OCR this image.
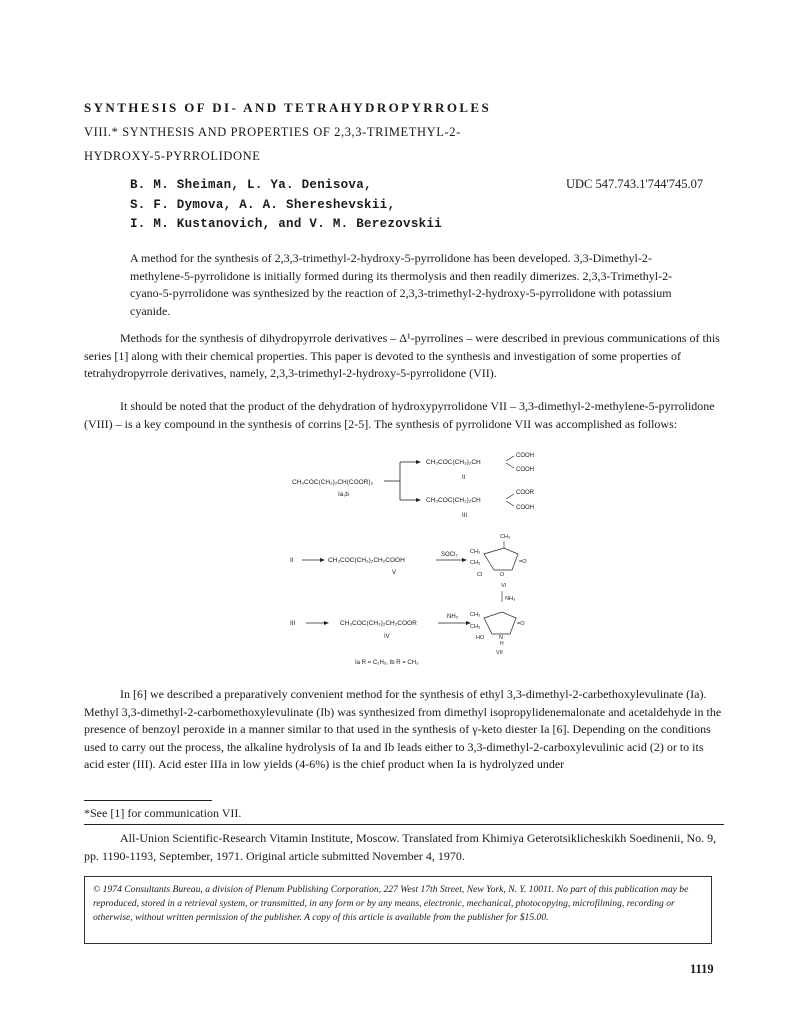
SYNTHESIS OF DI- AND TETRAHYDROPYRROLES
VIII.* SYNTHESIS AND PROPERTIES OF 2,3,3-TRIMETHYL-2-
HYDROXY-5-PYRROLIDONE
B. M. Sheiman, L. Ya. Denisova,
S. F. Dymova, A. A. Shereshevskii,
I. M. Kustanovich, and V. M. Berezovskii
UDC 547.743.1'744'745.07
A method for the synthesis of 2,3,3-trimethyl-2-hydroxy-5-pyrrolidone has been developed. 3,3-Dimethyl-2-methylene-5-pyrrolidone is initially formed during its thermolysis and then readily dimerizes. 2,3,3-Trimethyl-2-cyano-5-pyrrolidone was synthesized by the reaction of 2,3,3-trimethyl-2-hydroxy-5-pyrrolidone with potassium cyanide.
Methods for the synthesis of dihydropyrrole derivatives – Δ¹-pyrrolines – were described in previous communications of this series [1] along with their chemical properties. This paper is devoted to the synthesis and investigation of some properties of tetrahydropyrrole derivatives, namely, 2,3,3-trimethyl-2-hydroxy-5-pyrrolidone (VII).
It should be noted that the product of the dehydration of hydroxypyrrolidone VII – 3,3-dimethyl-2-methylene-5-pyrrolidone (VIII) – is a key compound in the synthesis of corrins [2-5]. The synthesis of pyrrolidone VII was accomplished as follows:
CH₃COC(CH₃)₂CH(COOR)₂
Ia,b
CH₃COC(CH₃)₂CH
COOH
COOH
II
CH₃COC(CH₃)₂CH
COOR
COOH
III
II	CH₃COC(CH₃)₂CH₂COOH
V
SOCl₂
CH₃
CH₃
CH₃
Cl	O
=O
VI
NH₃
III	CH₃COC(CH₃)₂CH₂COOR
IV
NH₃ CH₃
CH₃
HO	N
H
=O
VII
Ia R = C₂H₅, Ib R = CH₃
In [6] we described a preparatively convenient method for the synthesis of ethyl 3,3-dimethyl-2-carbethoxylevulinate (Ia). Methyl 3,3-dimethyl-2-carbomethoxylevulinate (Ib) was synthesized from dimethyl isopropylidenemalonate and acetaldehyde in the presence of benzoyl peroxide in a manner similar to that used in the synthesis of γ-keto diester Ia [6]. Depending on the conditions used to carry out the process, the alkaline hydrolysis of Ia and Ib leads either to 3,3-dimethyl-2-carboxylevulinic acid (2) or to its acid ester (III). Acid ester IIIa in low yields (4-6%) is the chief product when Ia is hydrolyzed under
*See [1] for communication VII.
All-Union Scientific-Research Vitamin Institute, Moscow. Translated from Khimiya Geterotsiklicheskikh Soedinenii, No. 9, pp. 1190-1193, September, 1971. Original article submitted November 4, 1970.
© 1974 Consultants Bureau, a division of Plenum Publishing Corporation, 227 West 17th Street, New York, N. Y. 10011. No part of this publication may be reproduced, stored in a retrieval system, or transmitted, in any form or by any means, electronic, mechanical, photocopying, microfilming, recording or otherwise, without written permission of the publisher. A copy of this article is available from the publisher for $15.00.
1119
